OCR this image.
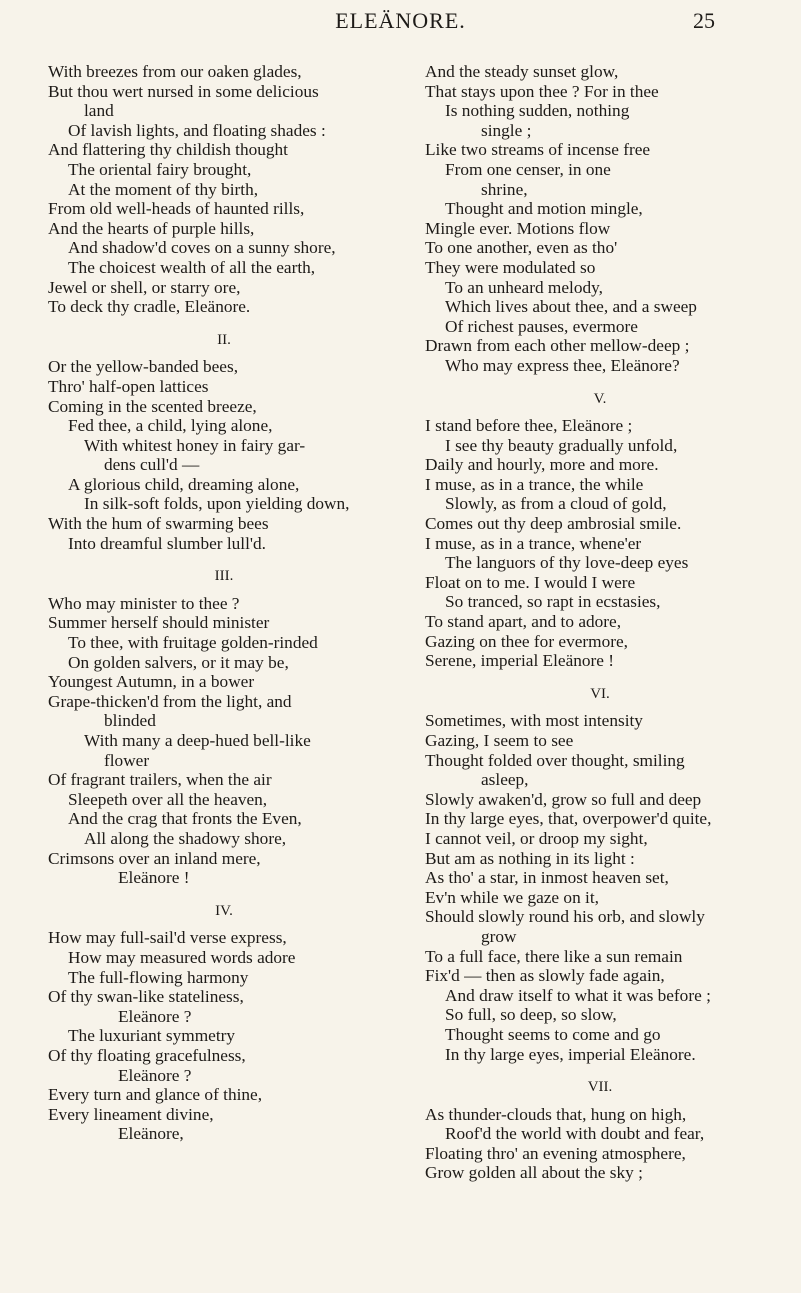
ELEÄNORE.	25
With breezes from our oaken glades,
But thou wert nursed in some delicious
land
Of lavish lights, and floating shades :
And flattering thy childish thought
The oriental fairy brought,
At the moment of thy birth,
From old well-heads of haunted rills,
And the hearts of purple hills,
And shadow'd coves on a sunny shore,
The choicest wealth of all the earth,
Jewel or shell, or starry ore,
To deck thy cradle, Eleänore.
II.
Or the yellow-banded bees,
Thro' half-open lattices
Coming in the scented breeze,
Fed thee, a child, lying alone,
With whitest honey in fairy gar-
dens cull'd —
A glorious child, dreaming alone,
In silk-soft folds, upon yielding down,
With the hum of swarming bees
Into dreamful slumber lull'd.
III.
Who may minister to thee ?
Summer herself should minister
To thee, with fruitage golden-rinded
On golden salvers, or it may be,
Youngest Autumn, in a bower
Grape-thicken'd from the light, and
blinded
With many a deep-hued bell-like
flower
Of fragrant trailers, when the air
Sleepeth over all the heaven,
And the crag that fronts the Even,
All along the shadowy shore,
Crimsons over an inland mere,
Eleänore !
IV.
How may full-sail'd verse express,
How may measured words adore
The full-flowing harmony
Of thy swan-like stateliness,
Eleänore ?
The luxuriant symmetry
Of thy floating gracefulness,
Eleänore ?
Every turn and glance of thine,
Every lineament divine,
Eleänore,
And the steady sunset glow,
That stays upon thee ? For in thee
Is nothing sudden, nothing
single ;
Like two streams of incense free
From one censer, in one
shrine,
Thought and motion mingle,
Mingle ever. Motions flow
To one another, even as tho'
They were modulated so
To an unheard melody,
Which lives about thee, and a sweep
Of richest pauses, evermore
Drawn from each other mellow-deep ;
Who may express thee, Eleänore?
V.
I stand before thee, Eleänore ;
I see thy beauty gradually unfold,
Daily and hourly, more and more.
I muse, as in a trance, the while
Slowly, as from a cloud of gold,
Comes out thy deep ambrosial smile.
I muse, as in a trance, whene'er
The languors of thy love-deep eyes
Float on to me. I would I were
So tranced, so rapt in ecstasies,
To stand apart, and to adore,
Gazing on thee for evermore,
Serene, imperial Eleänore !
VI.
Sometimes, with most intensity
Gazing, I seem to see
Thought folded over thought, smiling
asleep,
Slowly awaken'd, grow so full and deep
In thy large eyes, that, overpower'd quite,
I cannot veil, or droop my sight,
But am as nothing in its light :
As tho' a star, in inmost heaven set,
Ev'n while we gaze on it,
Should slowly round his orb, and slowly
grow
To a full face, there like a sun remain
Fix'd — then as slowly fade again,
And draw itself to what it was before ;
So full, so deep, so slow,
Thought seems to come and go
In thy large eyes, imperial Eleänore.
VII.
As thunder-clouds that, hung on high,
Roof'd the world with doubt and fear,
Floating thro' an evening atmosphere,
Grow golden all about the sky ;
